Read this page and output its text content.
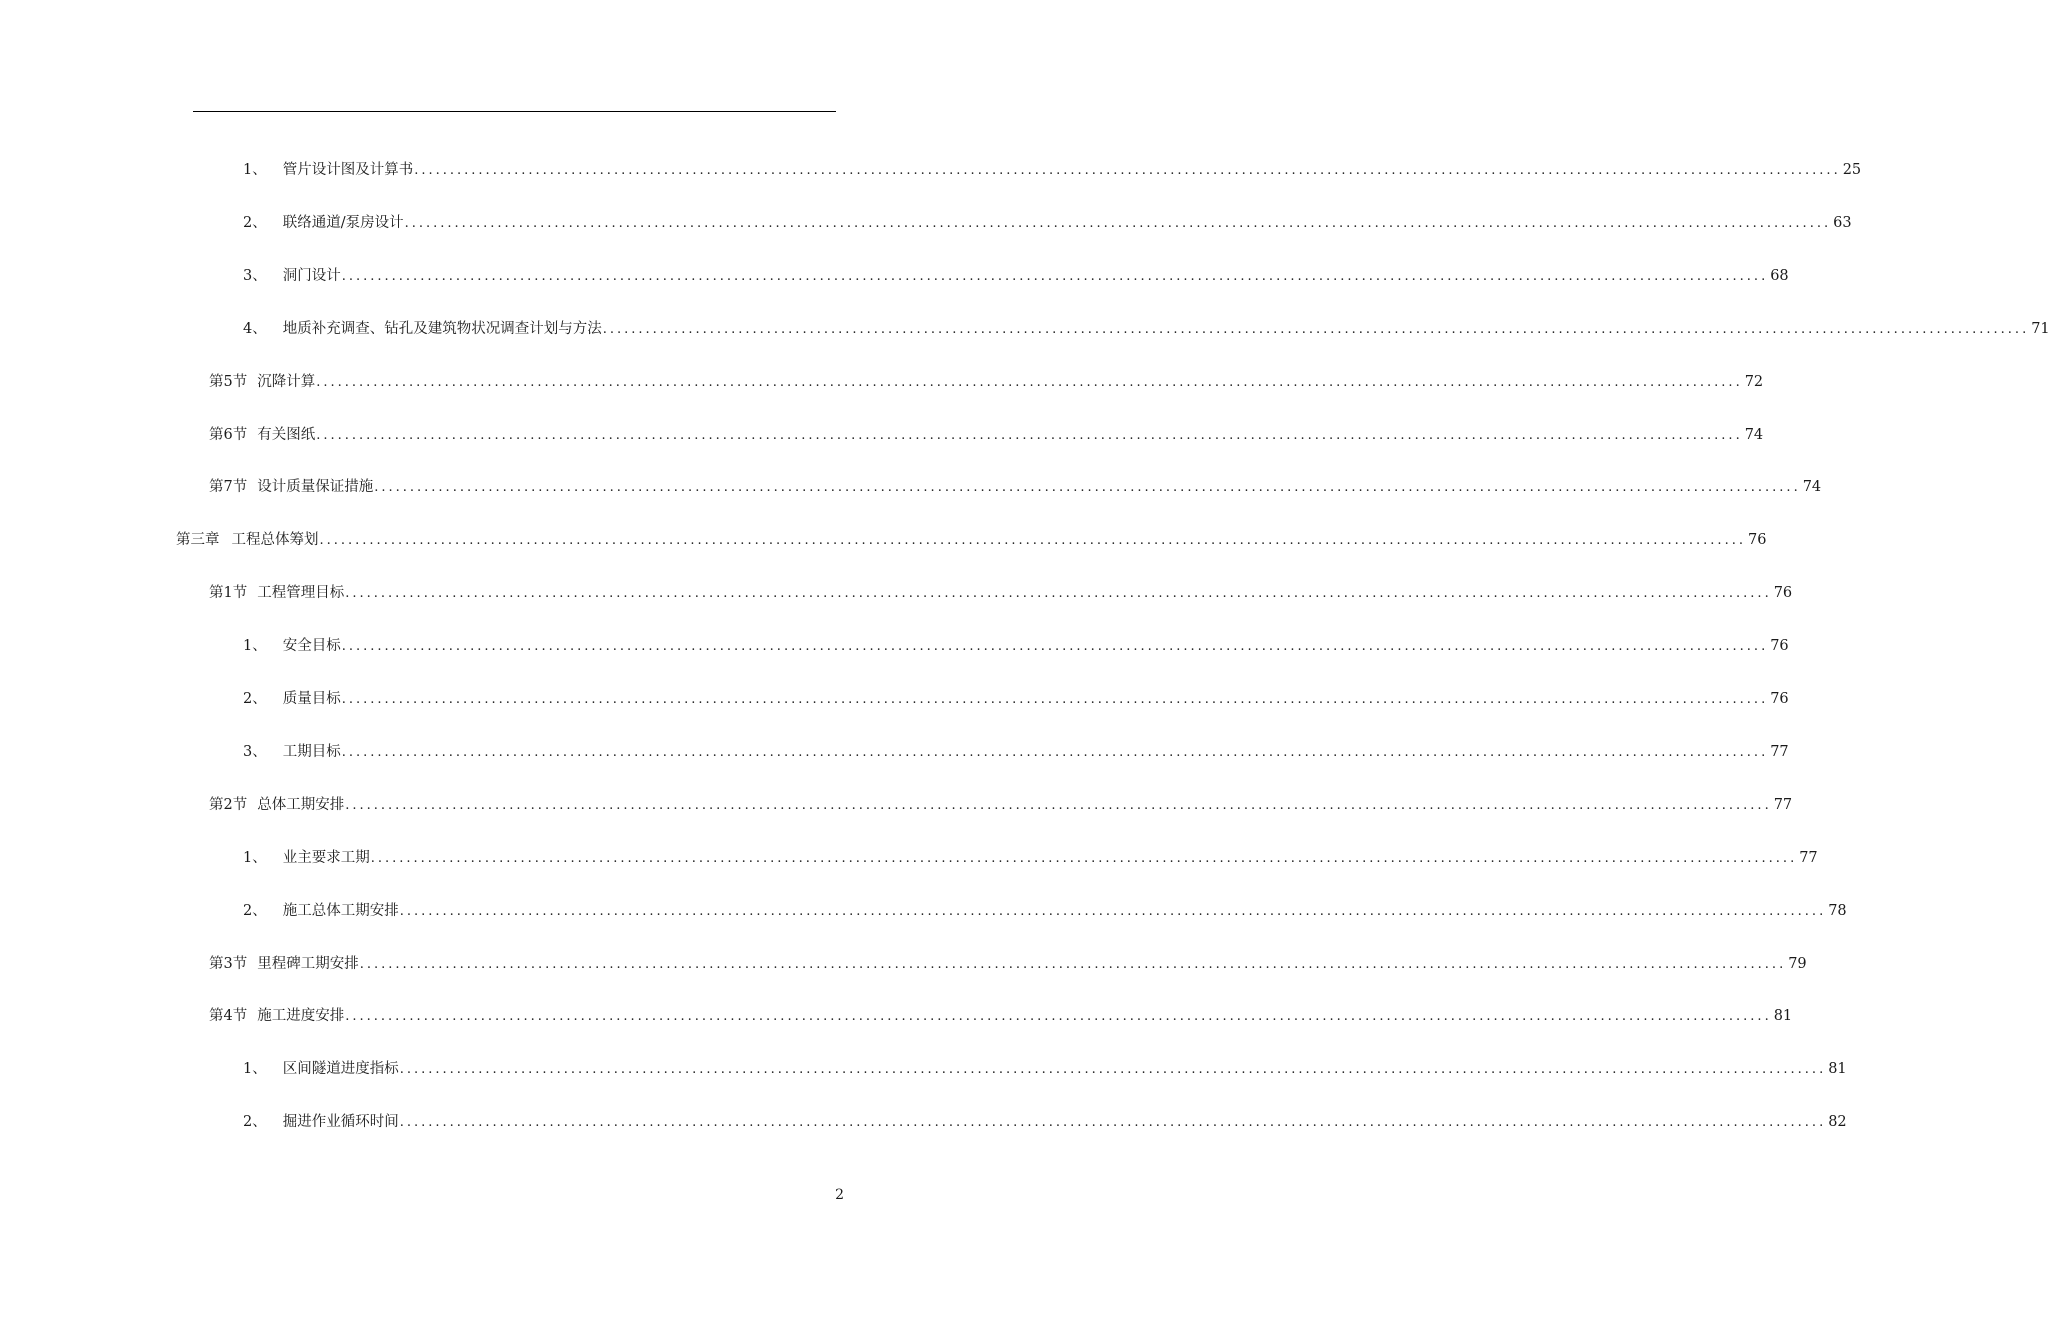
1、 管片设计图及计算书 ........................................................................................................................................................................................................ 25
2、 联络通道/泵房设计 ........................................................................................................................................................................................................ 63
3、 洞门设计 ........................................................................................................................................................................................................ 68
4、 地质补充调查、钻孔及建筑物状况调查计划与方法 ........................................................................................................................................................................................................ 71
第5节 沉降计算 ........................................................................................................................................................................................................ 72
第6节 有关图纸 ........................................................................................................................................................................................................ 74
第7节 设计质量保证措施 ........................................................................................................................................................................................................ 74
第三章 工程总体筹划 ........................................................................................................................................................................................................ 76
第1节 工程管理目标 ........................................................................................................................................................................................................ 76
1、 安全目标 ........................................................................................................................................................................................................ 76
2、 质量目标 ........................................................................................................................................................................................................ 76
3、 工期目标 ........................................................................................................................................................................................................ 77
第2节 总体工期安排 ........................................................................................................................................................................................................ 77
1、 业主要求工期 ........................................................................................................................................................................................................ 77
2、 施工总体工期安排 ........................................................................................................................................................................................................ 78
第3节 里程碑工期安排 ........................................................................................................................................................................................................ 79
第4节 施工进度安排 ........................................................................................................................................................................................................ 81
1、 区间隧道进度指标 ........................................................................................................................................................................................................ 81
2、 掘进作业循环时间 ........................................................................................................................................................................................................ 82
2
